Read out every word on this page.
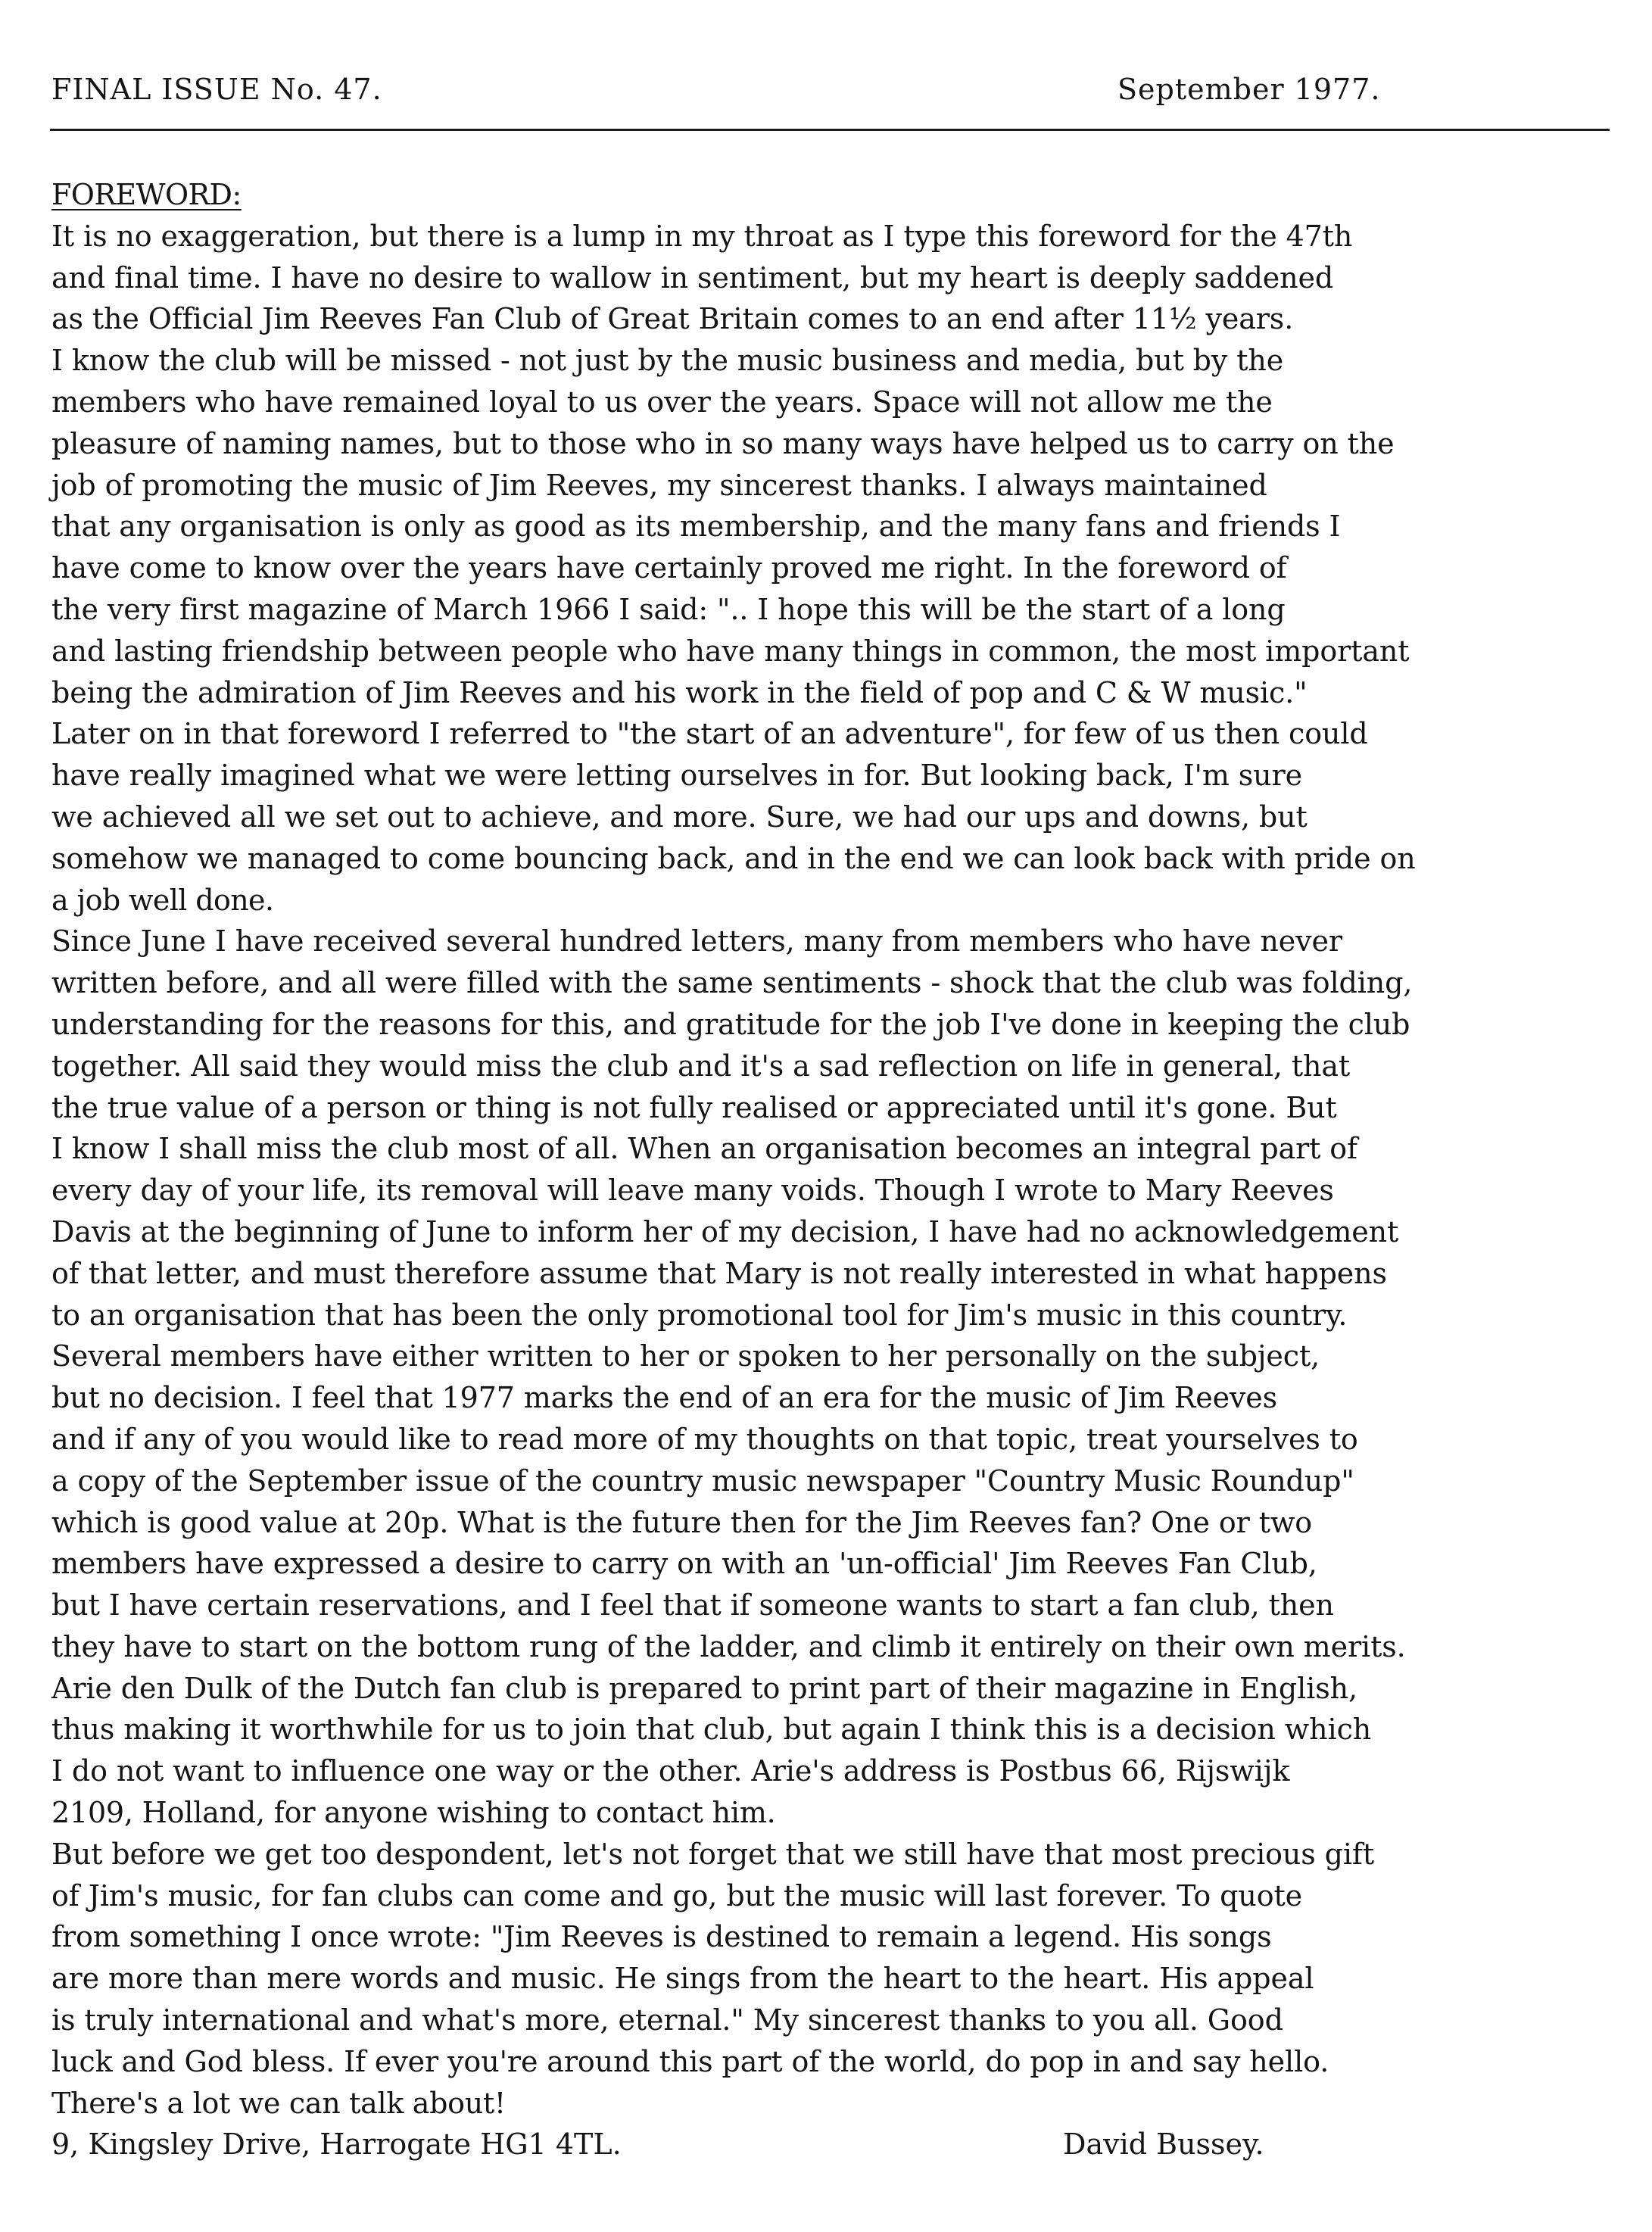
FINAL ISSUE No. 47.	September 1977.
FOREWORD:
It is no exaggeration, but there is a lump in my throat as I type this foreword for the 47th
and final time. I have no desire to wallow in sentiment, but my heart is deeply saddened
as the Official Jim Reeves Fan Club of Great Britain comes to an end after 11½ years.
I know the club will be missed - not just by the music business and media, but by the
members who have remained loyal to us over the years. Space will not allow me the
pleasure of naming names, but to those who in so many ways have helped us to carry on the
job of promoting the music of Jim Reeves, my sincerest thanks. I always maintained
that any organisation is only as good as its membership, and the many fans and friends I
have come to know over the years have certainly proved me right. In the foreword of
the very first magazine of March 1966 I said: ".. I hope this will be the start of a long
and lasting friendship between people who have many things in common, the most important
being the admiration of Jim Reeves and his work in the field of pop and C & W music."
Later on in that foreword I referred to "the start of an adventure", for few of us then could
have really imagined what we were letting ourselves in for. But looking back, I'm sure
we achieved all we set out to achieve, and more. Sure, we had our ups and downs, but
somehow we managed to come bouncing back, and in the end we can look back with pride on
a job well done.
Since June I have received several hundred letters, many from members who have never
written before, and all were filled with the same sentiments - shock that the club was folding,
understanding for the reasons for this, and gratitude for the job I've done in keeping the club
together. All said they would miss the club and it's a sad reflection on life in general, that
the true value of a person or thing is not fully realised or appreciated until it's gone. But
I know I shall miss the club most of all. When an organisation becomes an integral part of
every day of your life, its removal will leave many voids. Though I wrote to Mary Reeves
Davis at the beginning of June to inform her of my decision, I have had no acknowledgement
of that letter, and must therefore assume that Mary is not really interested in what happens
to an organisation that has been the only promotional tool for Jim's music in this country.
Several members have either written to her or spoken to her personally on the subject,
but no decision. I feel that 1977 marks the end of an era for the music of Jim Reeves
and if any of you would like to read more of my thoughts on that topic, treat yourselves to
a copy of the September issue of the country music newspaper "Country Music Roundup"
which is good value at 20p. What is the future then for the Jim Reeves fan? One or two
members have expressed a desire to carry on with an 'un-official' Jim Reeves Fan Club,
but I have certain reservations, and I feel that if someone wants to start a fan club, then
they have to start on the bottom rung of the ladder, and climb it entirely on their own merits.
Arie den Dulk of the Dutch fan club is prepared to print part of their magazine in English,
thus making it worthwhile for us to join that club, but again I think this is a decision which
I do not want to influence one way or the other. Arie's address is Postbus 66, Rijswijk
2109, Holland, for anyone wishing to contact him.
But before we get too despondent, let's not forget that we still have that most precious gift
of Jim's music, for fan clubs can come and go, but the music will last forever. To quote
from something I once wrote: "Jim Reeves is destined to remain a legend. His songs
are more than mere words and music. He sings from the heart to the heart. His appeal
is truly international and what's more, eternal." My sincerest thanks to you all. Good
luck and God bless. If ever you're around this part of the world, do pop in and say hello.
There's a lot we can talk about!
9, Kingsley Drive, Harrogate HG1 4TL.	David Bussey.
